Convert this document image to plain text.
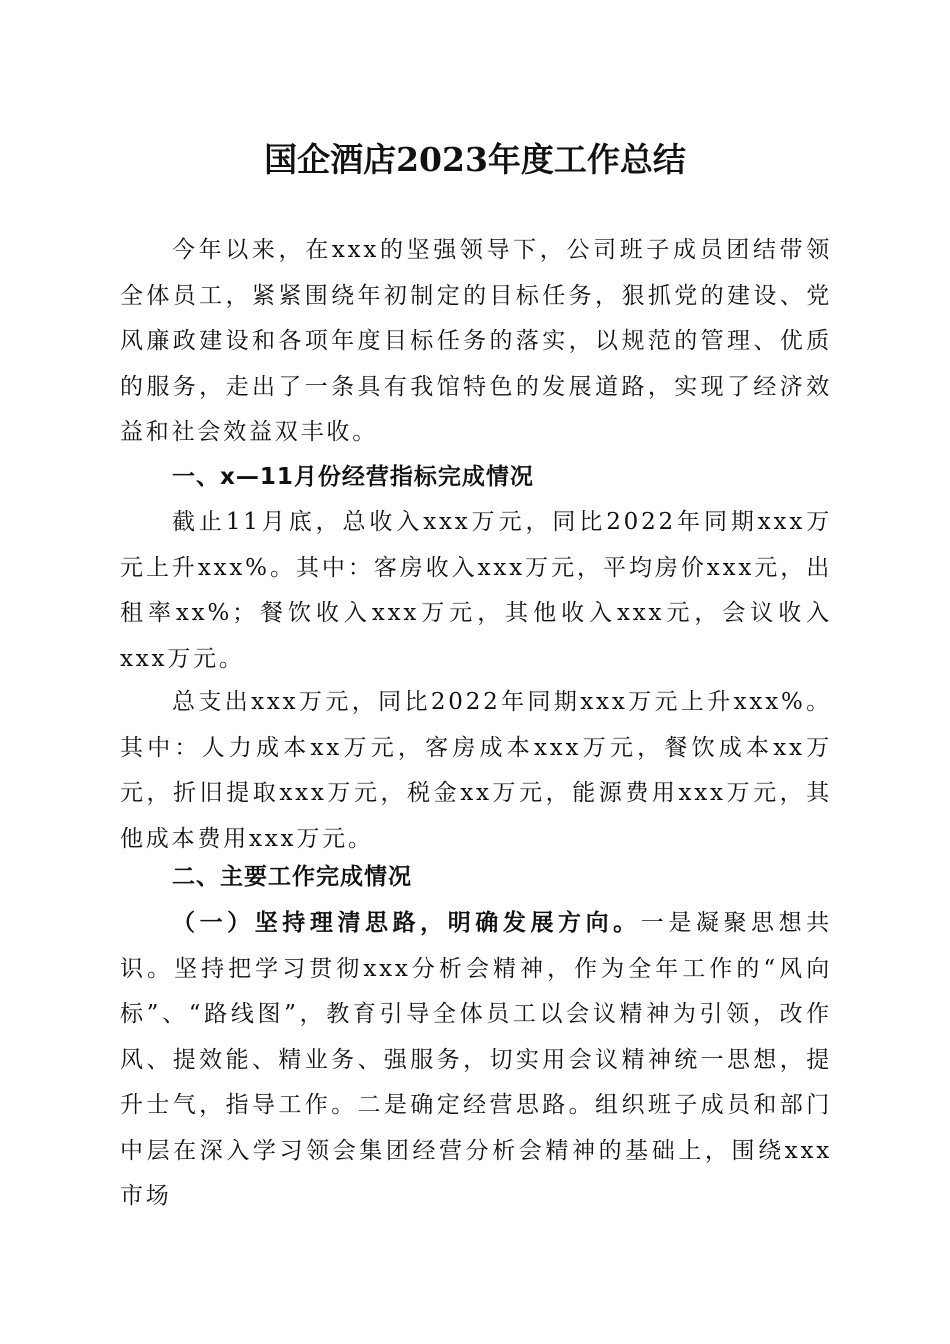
国企酒店2023年度工作总结
今年以来，在xxx的坚强领导下，公司班子成员团结带领全体员工，紧紧围绕年初制定的目标任务，狠抓党的建设、党风廉政建设和各项年度目标任务的落实，以规范的管理、优质的服务，走出了一条具有我馆特色的发展道路，实现了经济效益和社会效益双丰收。
一、x—11月份经营指标完成情况
截止11月底，总收入xxx万元，同比2022年同期xxx万元上升xxx%。其中：客房收入xxx万元，平均房价xxx元，出租率xx%；餐饮收入xxx万元，其他收入xxx元，会议收入xxx万元。
总支出xxx万元，同比2022年同期xxx万元上升xxx%。其中：人力成本xx万元，客房成本xxx万元，餐饮成本xx万元，折旧提取xxx万元，税金xx万元，能源费用xxx万元，其他成本费用xxx万元。
二、主要工作完成情况
（一）坚持理清思路，明确发展方向。一是凝聚思想共识。坚持把学习贯彻xxx分析会精神，作为全年工作的“风向标”、“路线图”，教育引导全体员工以会议精神为引领，改作风、提效能、精业务、强服务，切实用会议精神统一思想，提升士气，指导工作。二是确定经营思路。组织班子成员和部门中层在深入学习领会集团经营分析会精神的基础上，围绕xxx市场
